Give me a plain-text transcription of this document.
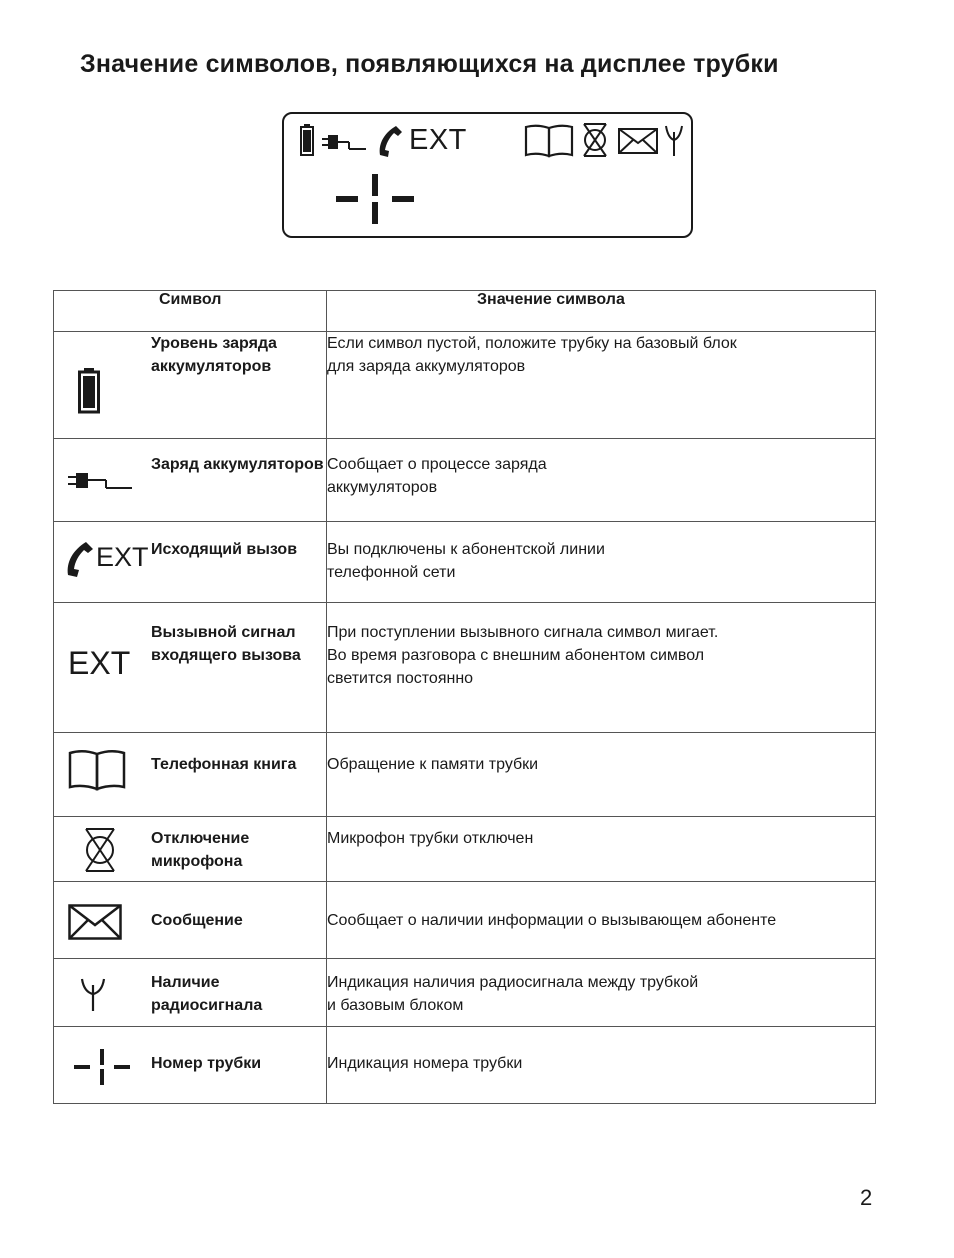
Значение символов, появляющихся на дисплее трубки
EXT
	Символ	Значение символа

	Уровень заряда аккумуляторов	Если символ пустой, положите трубку на базовый блок
для заряда аккумуляторов

	Заряд аккумуляторов	Сообщает о процессе заряда
аккумуляторов

EXT	Исходящий вызов	Вы подключены к абонентской линии
телефонной сети

EXT	Вызывной сигнал входящего вызова	При поступлении вызывного сигнала символ мигает.
Во время разговора с внешним абонентом символ
светится постоянно

	Телефонная книга	Обращение к памяти трубки

	Отключение микрофона	Микрофон трубки отключен

	Сообщение	Сообщает о наличии информации о вызывающем абоненте

	Наличие радиосигнала	Индикация наличия радиосигнала между трубкой
и базовым блоком

	Номер трубки	Индикация номера трубки
2
